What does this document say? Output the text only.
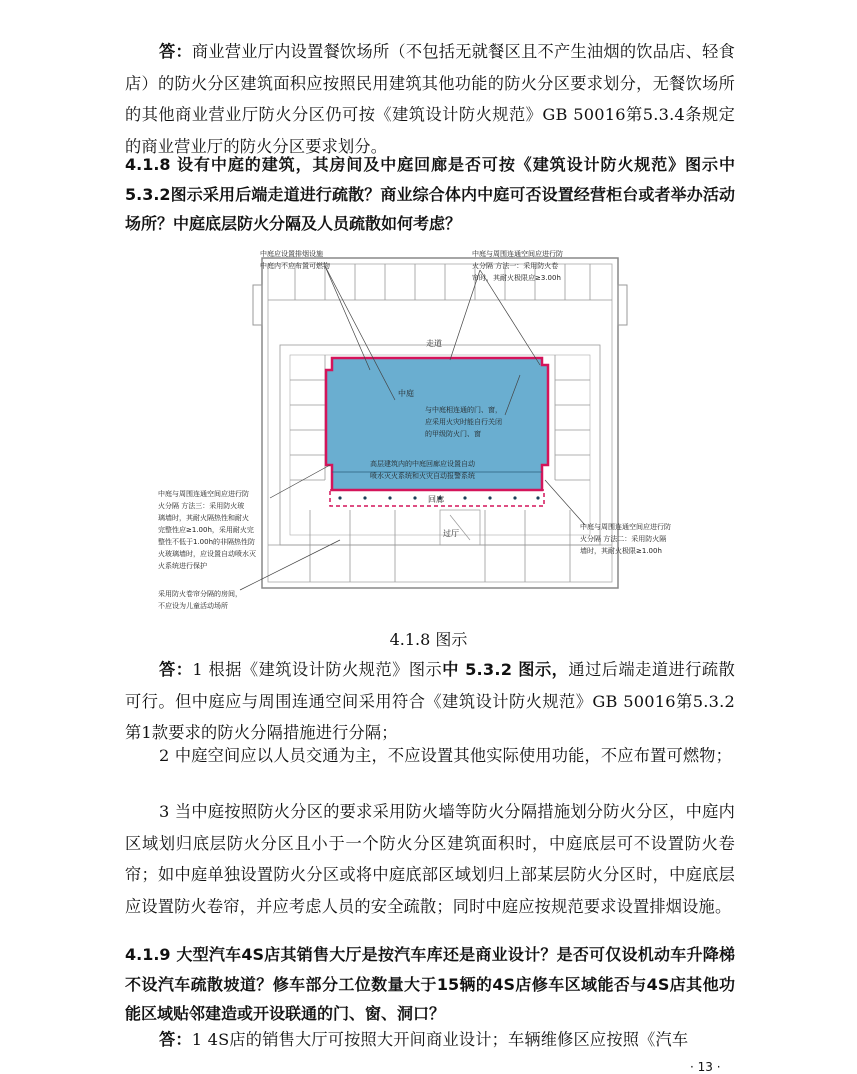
答：商业营业厅内设置餐饮场所（不包括无就餐区且不产生油烟的饮品店、轻食店）的防火分区建筑面积应按照民用建筑其他功能的防火分区要求划分，无餐饮场所的其他商业营业厅防火分区仍可按《建筑设计防火规范》GB 50016第5.3.4条规定的商业营业厅的防火分区要求划分。
4.1.8 设有中庭的建筑，其房间及中庭回廊是否可按《建筑设计防火规范》图示中5.3.2图示采用后端走道进行疏散？商业综合体内中庭可否设置经营柜台或者举办活动场所？中庭底层防火分隔及人员疏散如何考虑？
中庭应设置排烟设施
中庭内不应布置可燃物
中庭与周围连通空间应进行防
火分隔 方法一：采用防火卷
帘时，其耐火极限应≥3.00h
走道
中庭
与中庭相连通的门、窗，
应采用火灾时能自行关闭
的甲级防火门、窗
高层建筑内的中庭回廊应设置自动
喷水灭火系统和火灾自动报警系统
回廊
过厅
中庭与周围连通空间应进行防
火分隔 方法三：采用防火玻
璃墙时，其耐火隔热性和耐火
完整性应≥1.00h，采用耐火完
整性不低于1.00h的非隔热性防
火玻璃墙时，应设置自动喷水灭
火系统进行保护
中庭与周围连通空间应进行防
火分隔 方法二：采用防火隔
墙时，其耐火极限≥1.00h
采用防火卷帘分隔的房间，
不应设为儿童活动场所
4.1.8 图示
答：1 根据《建筑设计防火规范》图示中 5.3.2 图示，通过后端走道进行疏散可行。但中庭应与周围连通空间采用符合《建筑设计防火规范》GB 50016第5.3.2第1款要求的防火分隔措施进行分隔；
2 中庭空间应以人员交通为主，不应设置其他实际使用功能，不应布置可燃物；
3 当中庭按照防火分区的要求采用防火墙等防火分隔措施划分防火分区，中庭内区域划归底层防火分区且小于一个防火分区建筑面积时，中庭底层可不设置防火卷帘；如中庭单独设置防火分区或将中庭底部区域划归上部某层防火分区时，中庭底层应设置防火卷帘，并应考虑人员的安全疏散；同时中庭应按规范要求设置排烟设施。
4.1.9 大型汽车4S店其销售大厅是按汽车库还是商业设计？是否可仅设机动车升降梯不设汽车疏散坡道？修车部分工位数量大于15辆的4S店修车区域能否与4S店其他功能区域贴邻建造或开设联通的门、窗、洞口？
答：1 4S店的销售大厅可按照大开间商业设计；车辆维修区应按照《汽车
· 13 ·
